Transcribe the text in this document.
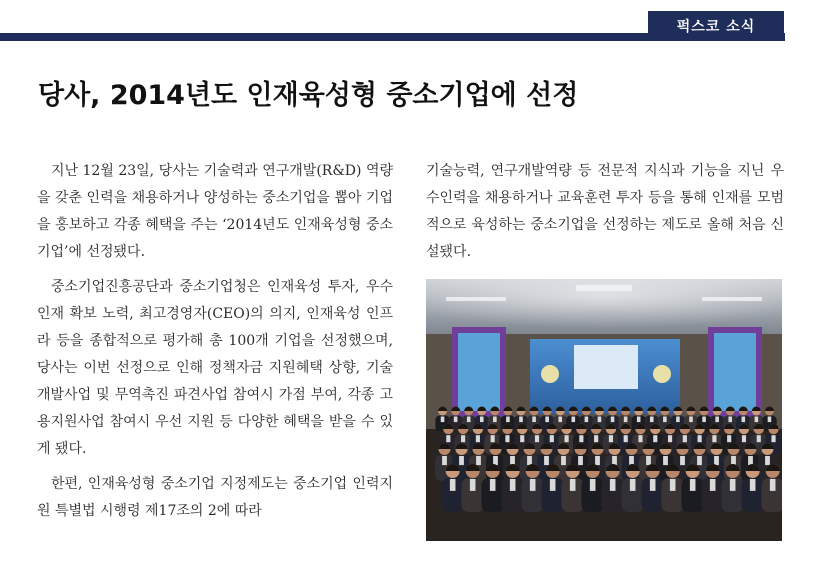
퍽스코 소식
당사, 2014년도 인재육성형 중소기업에 선정

지난 12월 23일, 당사는 기술력과 연구개발(R&D) 역량을 갖춘 인력을 채용하거나 양성하는 중소기업을 뽑아 기업을 홍보하고 각종 혜택을 주는 ‘2014년도 인재육성형 중소기업’에 선정됐다.

중소기업진흥공단과 중소기업청은 인재육성 투자, 우수인재 확보 노력, 최고경영자(CEO)의 의지, 인재육성 인프라 등을 종합적으로 평가해 총 100개 기업을 선정했으며, 당사는 이번 선정으로 인해 정책자금 지원혜택 상향, 기술개발사업 및 무역촉진 파견사업 참여시 가점 부여, 각종 고용지원사업 참여시 우선 지원 등 다양한 혜택을 받을 수 있게 됐다.

한편, 인재육성형 중소기업 지정제도는 중소기업 인력지원 특별법 시행령 제17조의 2에 따라

기술능력, 연구개발역량 등 전문적 지식과 기능을 지닌 우수인력을 채용하거나 교육훈련 투자 등을 통해 인재를 모범적으로 육성하는 중소기업을 선정하는 제도로 올해 처음 신설됐다.
